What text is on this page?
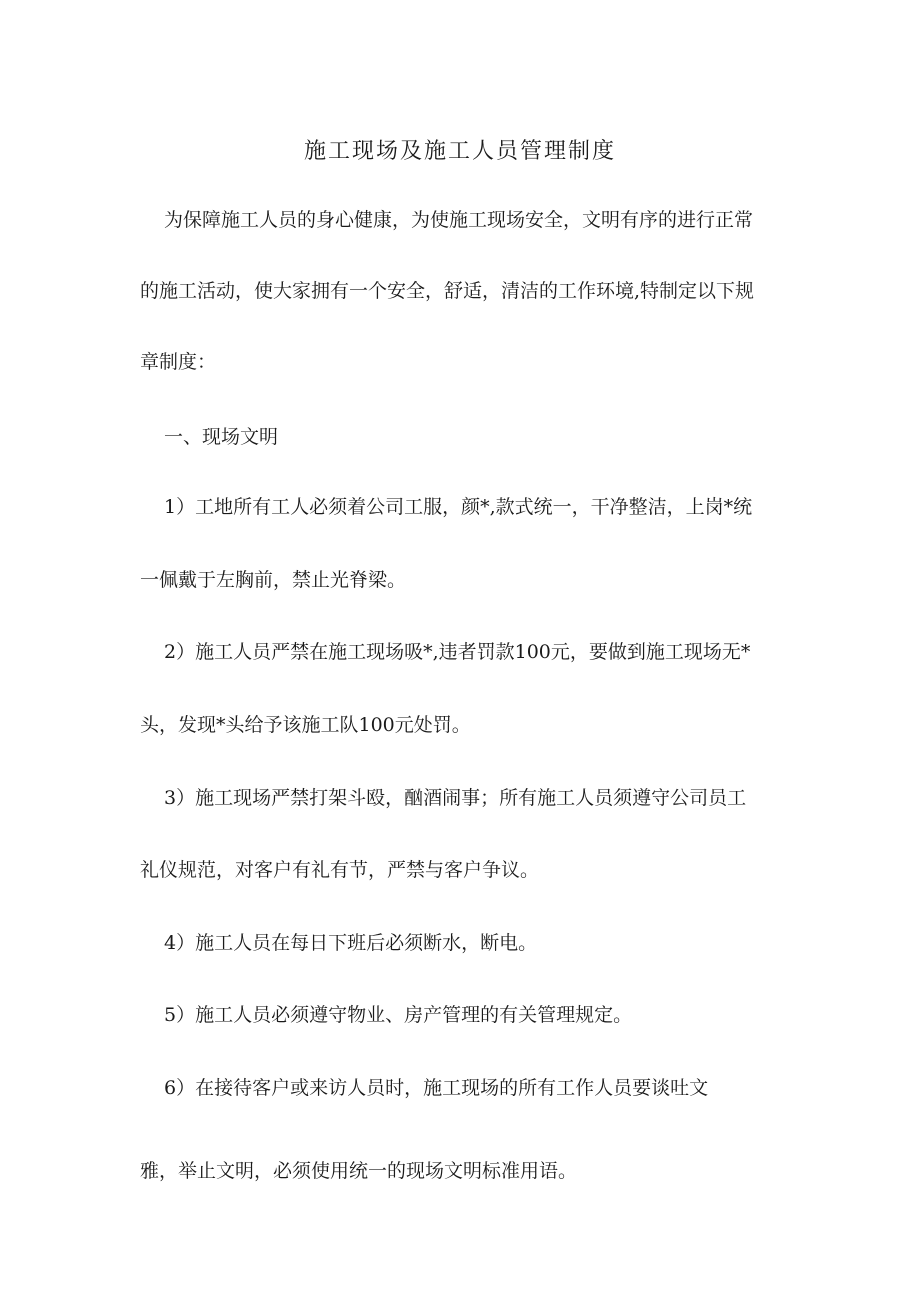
施工现场及施工人员管理制度
为保障施工人员的身心健康，为使施工现场安全，文明有序的进行正常
的施工活动，使大家拥有一个安全，舒适，清洁的工作环境,特制定以下规
章制度：
一、现场文明
1）工地所有工人必须着公司工服，颜*,款式统一，干净整洁，上岗*统
一佩戴于左胸前，禁止光脊梁。
2）施工人员严禁在施工现场吸*,违者罚款100元，要做到施工现场无*
头，发现*头给予该施工队100元处罚。
3）施工现场严禁打架斗殴，酗酒闹事；所有施工人员须遵守公司员工
礼仪规范，对客户有礼有节，严禁与客户争议。
4）施工人员在每日下班后必须断水，断电。
5）施工人员必须遵守物业、房产管理的有关管理规定。
6）在接待客户或来访人员时，施工现场的所有工作人员要谈吐文
雅，举止文明，必须使用统一的现场文明标准用语。
